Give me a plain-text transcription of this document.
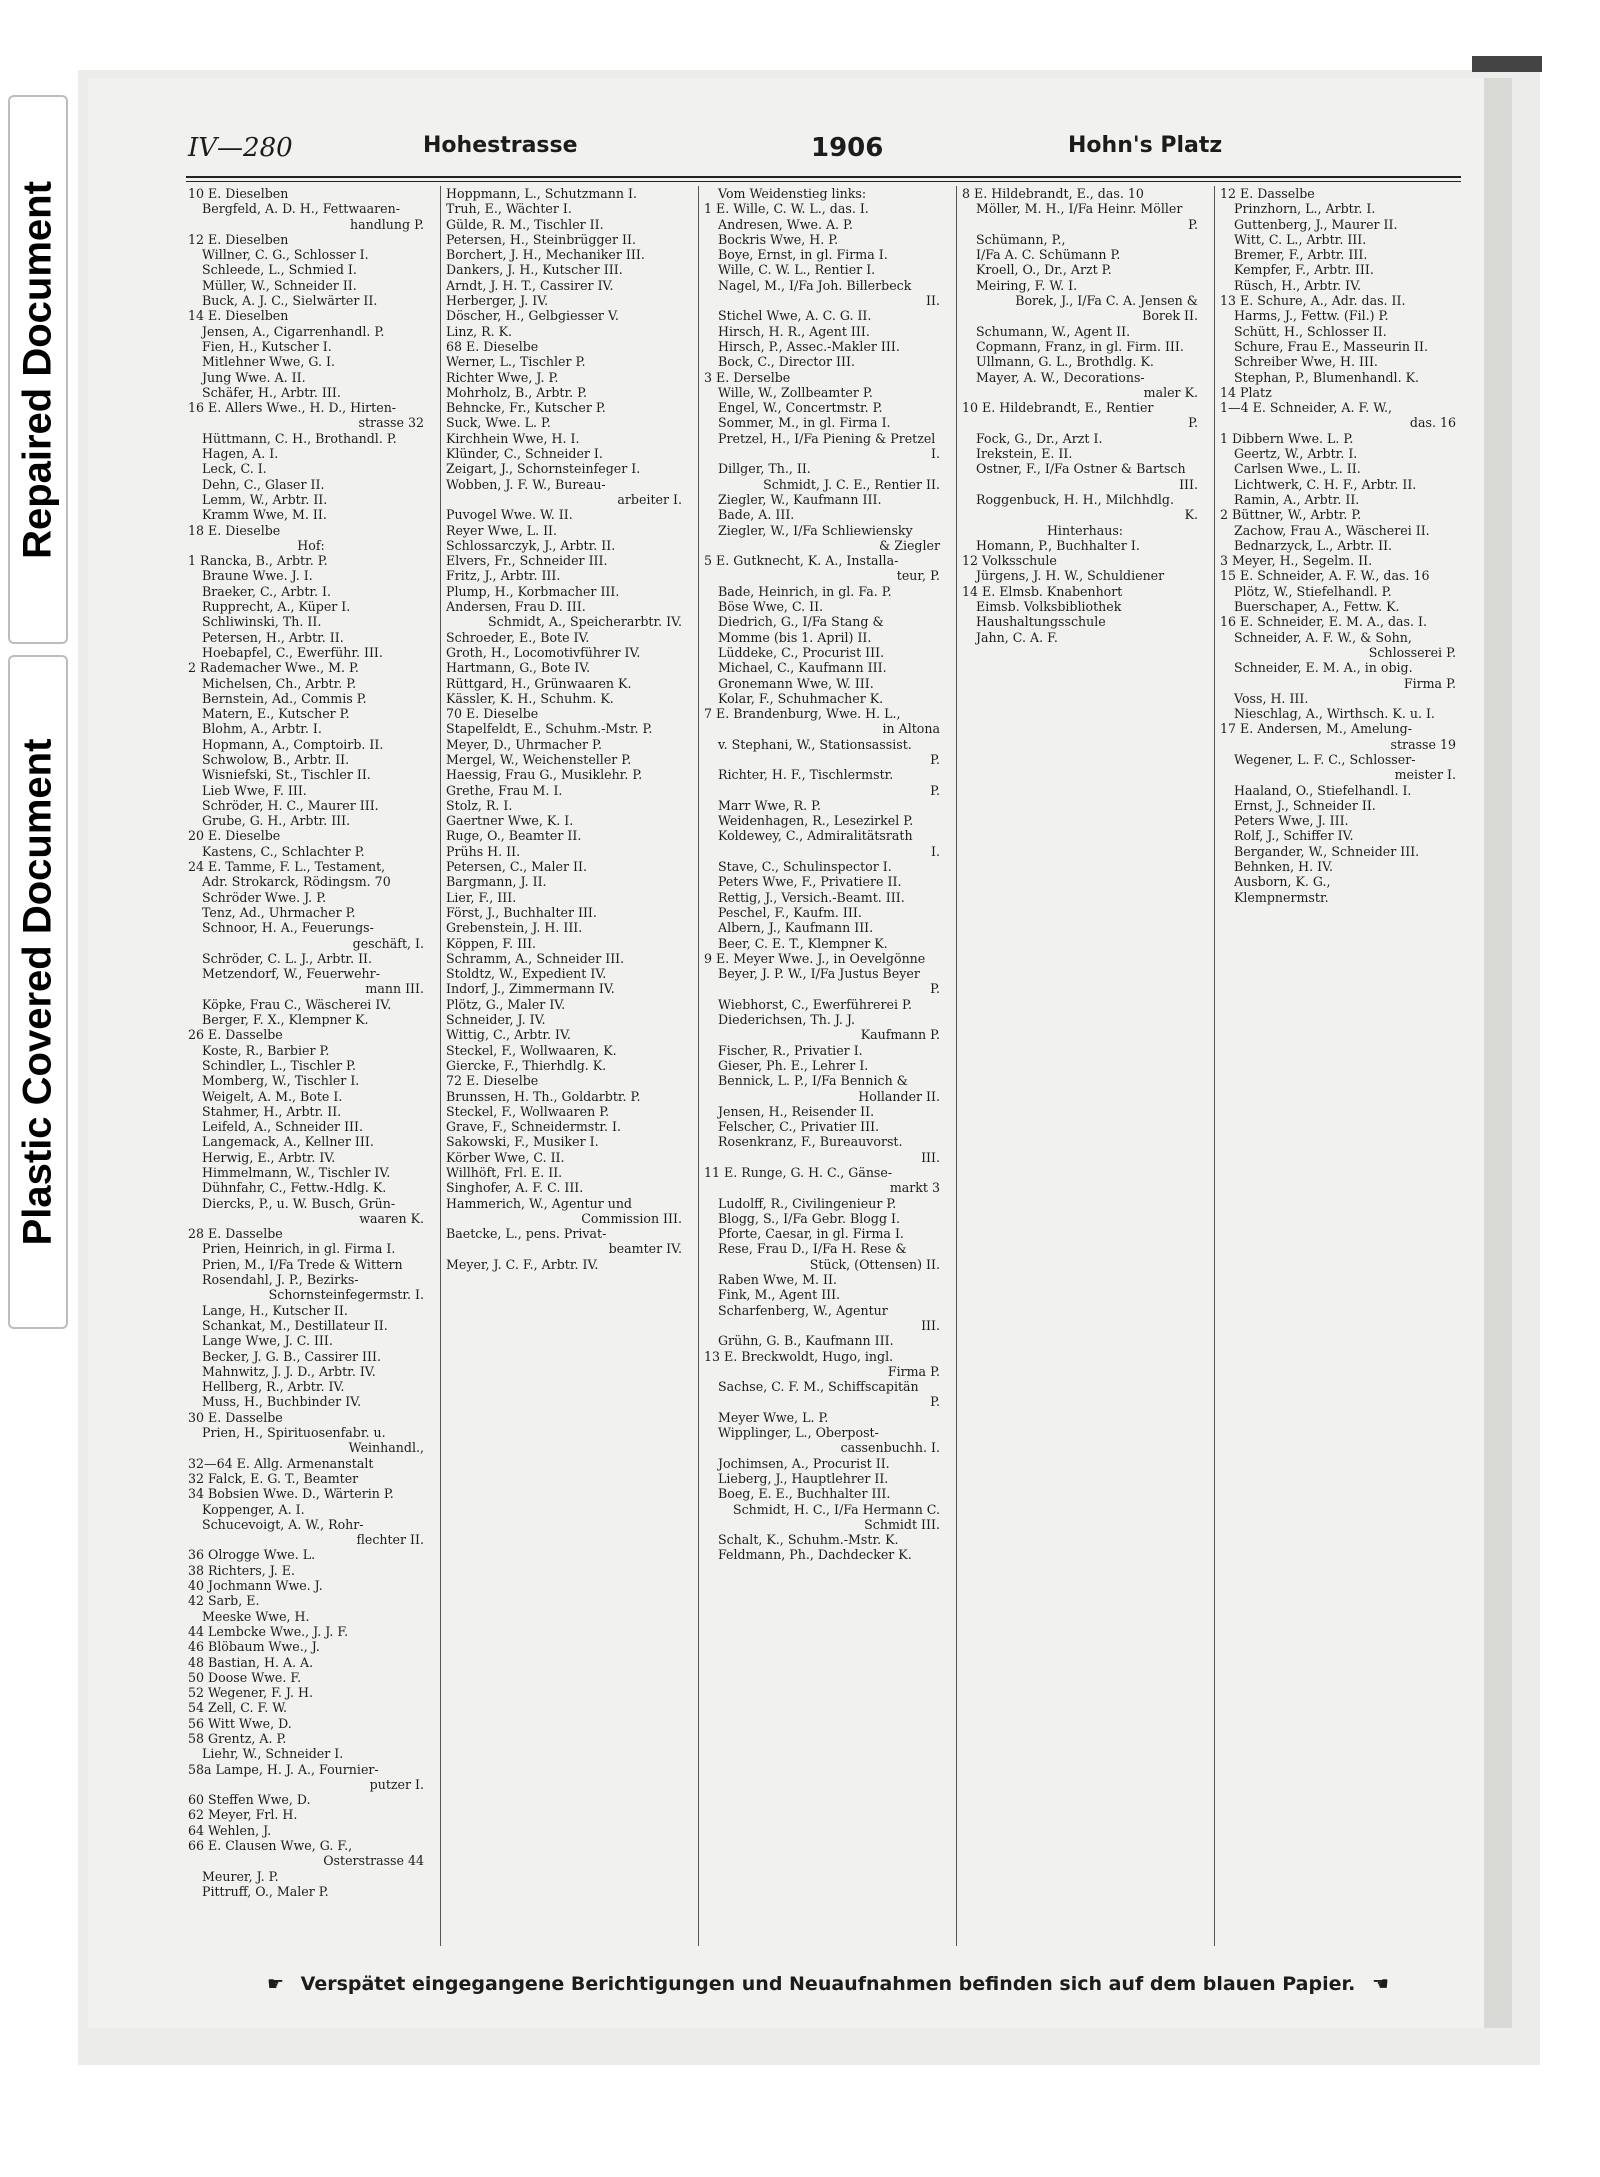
Repaired Document
Plastic Covered Document
IV—280	Hohestrasse	1906	Hohn's Platz
10 E. Dieselben
Bergfeld, A. D. H., Fettwaaren-
handlung P.
12 E. Dieselben
Willner, C. G., Schlosser I.
Schleede, L., Schmied I.
Müller, W., Schneider II.
Buck, A. J. C., Sielwärter II.
14 E. Dieselben
Jensen, A., Cigarrenhandl. P.
Fien, H., Kutscher I.
Mitlehner Wwe, G. I.
Jung Wwe. A. II.
Schäfer, H., Arbtr. III.
16 E. Allers Wwe., H. D., Hirten-
strasse 32
Hüttmann, C. H., Brothandl. P.
Hagen, A. I.
Leck, C. I.
Dehn, C., Glaser II.
Lemm, W., Arbtr. II.
Kramm Wwe, M. II.
18 E. Dieselbe
Hof:
1 Rancka, B., Arbtr. P.
Braune Wwe. J. I.
Braeker, C., Arbtr. I.
Rupprecht, A., Küper I.
Schliwinski, Th. II.
Petersen, H., Arbtr. II.
Hoebapfel, C., Ewerführ. III.
2 Rademacher Wwe., M. P.
Michelsen, Ch., Arbtr. P.
Bernstein, Ad., Commis P.
Matern, E., Kutscher P.
Blohm, A., Arbtr. I.
Hopmann, A., Comptoirb. II.
Schwolow, B., Arbtr. II.
Wisniefski, St., Tischler II.
Lieb Wwe, F. III.
Schröder, H. C., Maurer III.
Grube, G. H., Arbtr. III.
20 E. Dieselbe
Kastens, C., Schlachter P.
24 E. Tamme, F. L., Testament,
Adr. Strokarck, Rödingsm. 70
Schröder Wwe. J. P.
Tenz, Ad., Uhrmacher P.
Schnoor, H. A., Feuerungs-
geschäft, I.
Schröder, C. L. J., Arbtr. II.
Metzendorf, W., Feuerwehr-
mann III.
Köpke, Frau C., Wäscherei IV.
Berger, F. X., Klempner K.
26 E. Dasselbe
Koste, R., Barbier P.
Schindler, L., Tischler P.
Momberg, W., Tischler I.
Weigelt, A. M., Bote I.
Stahmer, H., Arbtr. II.
Leifeld, A., Schneider III.
Langemack, A., Kellner III.
Herwig, E., Arbtr. IV.
Himmelmann, W., Tischler IV.
Dühnfahr, C., Fettw.-Hdlg. K.
Diercks, P., u. W. Busch, Grün-
waaren K.
28 E. Dasselbe
Prien, Heinrich, in gl. Firma I.
Prien, M., I/Fa Trede & Wittern
Rosendahl, J. P., Bezirks-
Schornsteinfegermstr. I.
Lange, H., Kutscher II.
Schankat, M., Destillateur II.
Lange Wwe, J. C. III.
Becker, J. G. B., Cassirer III.
Mahnwitz, J. J. D., Arbtr. IV.
Hellberg, R., Arbtr. IV.
Muss, H., Buchbinder IV.
30 E. Dasselbe
Prien, H., Spirituosenfabr. u.
Weinhandl.,
32—64 E. Allg. Armenanstalt
32 Falck, E. G. T., Beamter
34 Bobsien Wwe. D., Wärterin P.
Koppenger, A. I.
Schucevoigt, A. W., Rohr-
flechter II.
36 Olrogge Wwe. L.
38 Richters, J. E.
40 Jochmann Wwe. J.
42 Sarb, E.
Meeske Wwe, H.
44 Lembcke Wwe., J. J. F.
46 Blöbaum Wwe., J.
48 Bastian, H. A. A.
50 Doose Wwe. F.
52 Wegener, F. J. H.
54 Zell, C. F. W.
56 Witt Wwe, D.
58 Grentz, A. P.
Liehr, W., Schneider I.
58a Lampe, H. J. A., Fournier-
putzer I.
60 Steffen Wwe, D.
62 Meyer, Frl. H.
64 Wehlen, J.
66 E. Clausen Wwe, G. F.,
Osterstrasse 44
Meurer, J. P.
Pittruff, O., Maler P.
Hoppmann, L., Schutzmann I.
Truh, E., Wächter I.
Gülde, R. M., Tischler II.
Petersen, H., Steinbrügger II.
Borchert, J. H., Mechaniker III.
Dankers, J. H., Kutscher III.
Arndt, J. H. T., Cassirer IV.
Herberger, J. IV.
Döscher, H., Gelbgiesser V.
Linz, R. K.
68 E. Dieselbe
Werner, L., Tischler P.
Richter Wwe, J. P.
Mohrholz, B., Arbtr. P.
Behncke, Fr., Kutscher P.
Suck, Wwe. L. P.
Kirchhein Wwe, H. I.
Klünder, C., Schneider I.
Zeigart, J., Schornsteinfeger I.
Wobben, J. F. W., Bureau-
arbeiter I.
Puvogel Wwe. W. II.
Reyer Wwe, L. II.
Schlossarczyk, J., Arbtr. II.
Elvers, Fr., Schneider III.
Fritz, J., Arbtr. III.
Plump, H., Korbmacher III.
Andersen, Frau D. III.
Schmidt, A., Speicherarbtr. IV.
Schroeder, E., Bote IV.
Groth, H., Locomotivführer IV.
Hartmann, G., Bote IV.
Rüttgard, H., Grünwaaren K.
Kässler, K. H., Schuhm. K.
70 E. Dieselbe
Stapelfeldt, E., Schuhm.-Mstr. P.
Meyer, D., Uhrmacher P.
Mergel, W., Weichensteller P.
Haessig, Frau G., Musiklehr. P.
Grethe, Frau M. I.
Stolz, R. I.
Gaertner Wwe, K. I.
Ruge, O., Beamter II.
Prühs H. II.
Petersen, C., Maler II.
Bargmann, J. II.
Lier, F., III.
Först, J., Buchhalter III.
Grebenstein, J. H. III.
Köppen, F. III.
Schramm, A., Schneider III.
Stoldtz, W., Expedient IV.
Indorf, J., Zimmermann IV.
Plötz, G., Maler IV.
Schneider, J. IV.
Wittig, C., Arbtr. IV.
Steckel, F., Wollwaaren, K.
Giercke, F., Thierhdlg. K.
72 E. Dieselbe
Brunssen, H. Th., Goldarbtr. P.
Steckel, F., Wollwaaren P.
Grave, F., Schneidermstr. I.
Sakowski, F., Musiker I.
Körber Wwe, C. II.
Willhöft, Frl. E. II.
Singhofer, A. F. C. III.
Hammerich, W., Agentur und
Commission III.
Baetcke, L., pens. Privat-
beamter IV.
Meyer, J. C. F., Arbtr. IV.
Vom Weidenstieg links:
1 E. Wille, C. W. L., das. I.
Andresen, Wwe. A. P.
Bockris Wwe, H. P.
Boye, Ernst, in gl. Firma I.
Wille, C. W. L., Rentier I.
Nagel, M., I/Fa Joh. Billerbeck
II.
Stichel Wwe, A. C. G. II.
Hirsch, H. R., Agent III.
Hirsch, P., Assec.-Makler III.
Bock, C., Director III.
3 E. Derselbe
Wille, W., Zollbeamter P.
Engel, W., Concertmstr. P.
Sommer, M., in gl. Firma I.
Pretzel, H., I/Fa Piening & Pretzel
I.
Dillger, Th., II.
Schmidt, J. C. E., Rentier II.
Ziegler, W., Kaufmann III.
Bade, A. III.
Ziegler, W., I/Fa Schliewiensky
& Ziegler
5 E. Gutknecht, K. A., Installa-
teur, P.
Bade, Heinrich, in gl. Fa. P.
Böse Wwe, C. II.
Diedrich, G., I/Fa Stang &
Momme (bis 1. April) II.
Lüddeke, C., Procurist III.
Michael, C., Kaufmann III.
Gronemann Wwe, W. III.
Kolar, F., Schuhmacher K.
7 E. Brandenburg, Wwe. H. L.,
in Altona
v. Stephani, W., Stationsassist.
P.
Richter, H. F., Tischlermstr.
P.
Marr Wwe, R. P.
Weidenhagen, R., Lesezirkel P.
Koldewey, C., Admiralitätsrath
I.
Stave, C., Schulinspector I.
Peters Wwe, F., Privatiere II.
Rettig, J., Versich.-Beamt. III.
Peschel, F., Kaufm. III.
Albern, J., Kaufmann III.
Beer, C. E. T., Klempner K.
9 E. Meyer Wwe. J., in Oevelgönne
Beyer, J. P. W., I/Fa Justus Beyer
P.
Wiebhorst, C., Ewerführerei P.
Diederichsen, Th. J. J.
Kaufmann P.
Fischer, R., Privatier I.
Gieser, Ph. E., Lehrer I.
Bennick, L. P., I/Fa Bennich &
Hollander II.
Jensen, H., Reisender II.
Felscher, C., Privatier III.
Rosenkranz, F., Bureauvorst.
III.
11 E. Runge, G. H. C., Gänse-
markt 3
Ludolff, R., Civilingenieur P.
Blogg, S., I/Fa Gebr. Blogg I.
Pforte, Caesar, in gl. Firma I.
Rese, Frau D., I/Fa H. Rese &
Stück, (Ottensen) II.
Raben Wwe, M. II.
Fink, M., Agent III.
Scharfenberg, W., Agentur
III.
Grühn, G. B., Kaufmann III.
13 E. Breckwoldt, Hugo, ingl.
Firma P.
Sachse, C. F. M., Schiffscapitän
P.
Meyer Wwe, L. P.
Wipplinger, L., Oberpost-
cassenbuchh. I.
Jochimsen, A., Procurist II.
Lieberg, J., Hauptlehrer II.
Boeg, E. E., Buchhalter III.
Schmidt, H. C., I/Fa Hermann C.
Schmidt III.
Schalt, K., Schuhm.-Mstr. K.
Feldmann, Ph., Dachdecker K.
8 E. Hildebrandt, E., das. 10
Möller, M. H., I/Fa Heinr. Möller
P.
Schümann, P.,
I/Fa A. C. Schümann P.
Kroell, O., Dr., Arzt P.
Meiring, F. W. I.
Borek, J., I/Fa C. A. Jensen &
Borek II.
Schumann, W., Agent II.
Copmann, Franz, in gl. Firm. III.
Ullmann, G. L., Brothdlg. K.
Mayer, A. W., Decorations-
maler K.
10 E. Hildebrandt, E., Rentier
P.
Fock, G., Dr., Arzt I.
Irekstein, E. II.
Ostner, F., I/Fa Ostner & Bartsch
III.
Roggenbuck, H. H., Milchhdlg.
K.
Hinterhaus:
Homann, P., Buchhalter I.
12 Volksschule
Jürgens, J. H. W., Schuldiener
14 E. Elmsb. Knabenhort
Eimsb. Volksbibliothek
Haushaltungsschule
Jahn, C. A. F.
12 E. Dasselbe
Prinzhorn, L., Arbtr. I.
Guttenberg, J., Maurer II.
Witt, C. L., Arbtr. III.
Bremer, F., Arbtr. III.
Kempfer, F., Arbtr. III.
Rüsch, H., Arbtr. IV.
13 E. Schure, A., Adr. das. II.
Harms, J., Fettw. (Fil.) P.
Schütt, H., Schlosser II.
Schure, Frau E., Masseurin II.
Schreiber Wwe, H. III.
Stephan, P., Blumenhandl. K.
14 Platz
1—4 E. Schneider, A. F. W.,
das. 16
1 Dibbern Wwe. L. P.
Geertz, W., Arbtr. I.
Carlsen Wwe., L. II.
Lichtwerk, C. H. F., Arbtr. II.
Ramin, A., Arbtr. II.
2 Büttner, W., Arbtr. P.
Zachow, Frau A., Wäscherei II.
Bednarzyck, L., Arbtr. II.
3 Meyer, H., Segelm. II.
15 E. Schneider, A. F. W., das. 16
Plötz, W., Stiefelhandl. P.
Buerschaper, A., Fettw. K.
16 E. Schneider, E. M. A., das. I.
Schneider, A. F. W., & Sohn,
Schlosserei P.
Schneider, E. M. A., in obig.
Firma P.
Voss, H. III.
Nieschlag, A., Wirthsch. K. u. I.
17 E. Andersen, M., Amelung-
strasse 19
Wegener, L. F. C., Schlosser-
meister I.
Haaland, O., Stiefelhandl. I.
Ernst, J., Schneider II.
Peters Wwe, J. III.
Rolf, J., Schiffer IV.
Bergander, W., Schneider III.
Behnken, H. IV.
Ausborn, K. G.,
Klempnermstr.
☛ Verspätet eingegangene Berichtigungen und Neuaufnahmen befinden sich auf dem blauen Papier. ☚
